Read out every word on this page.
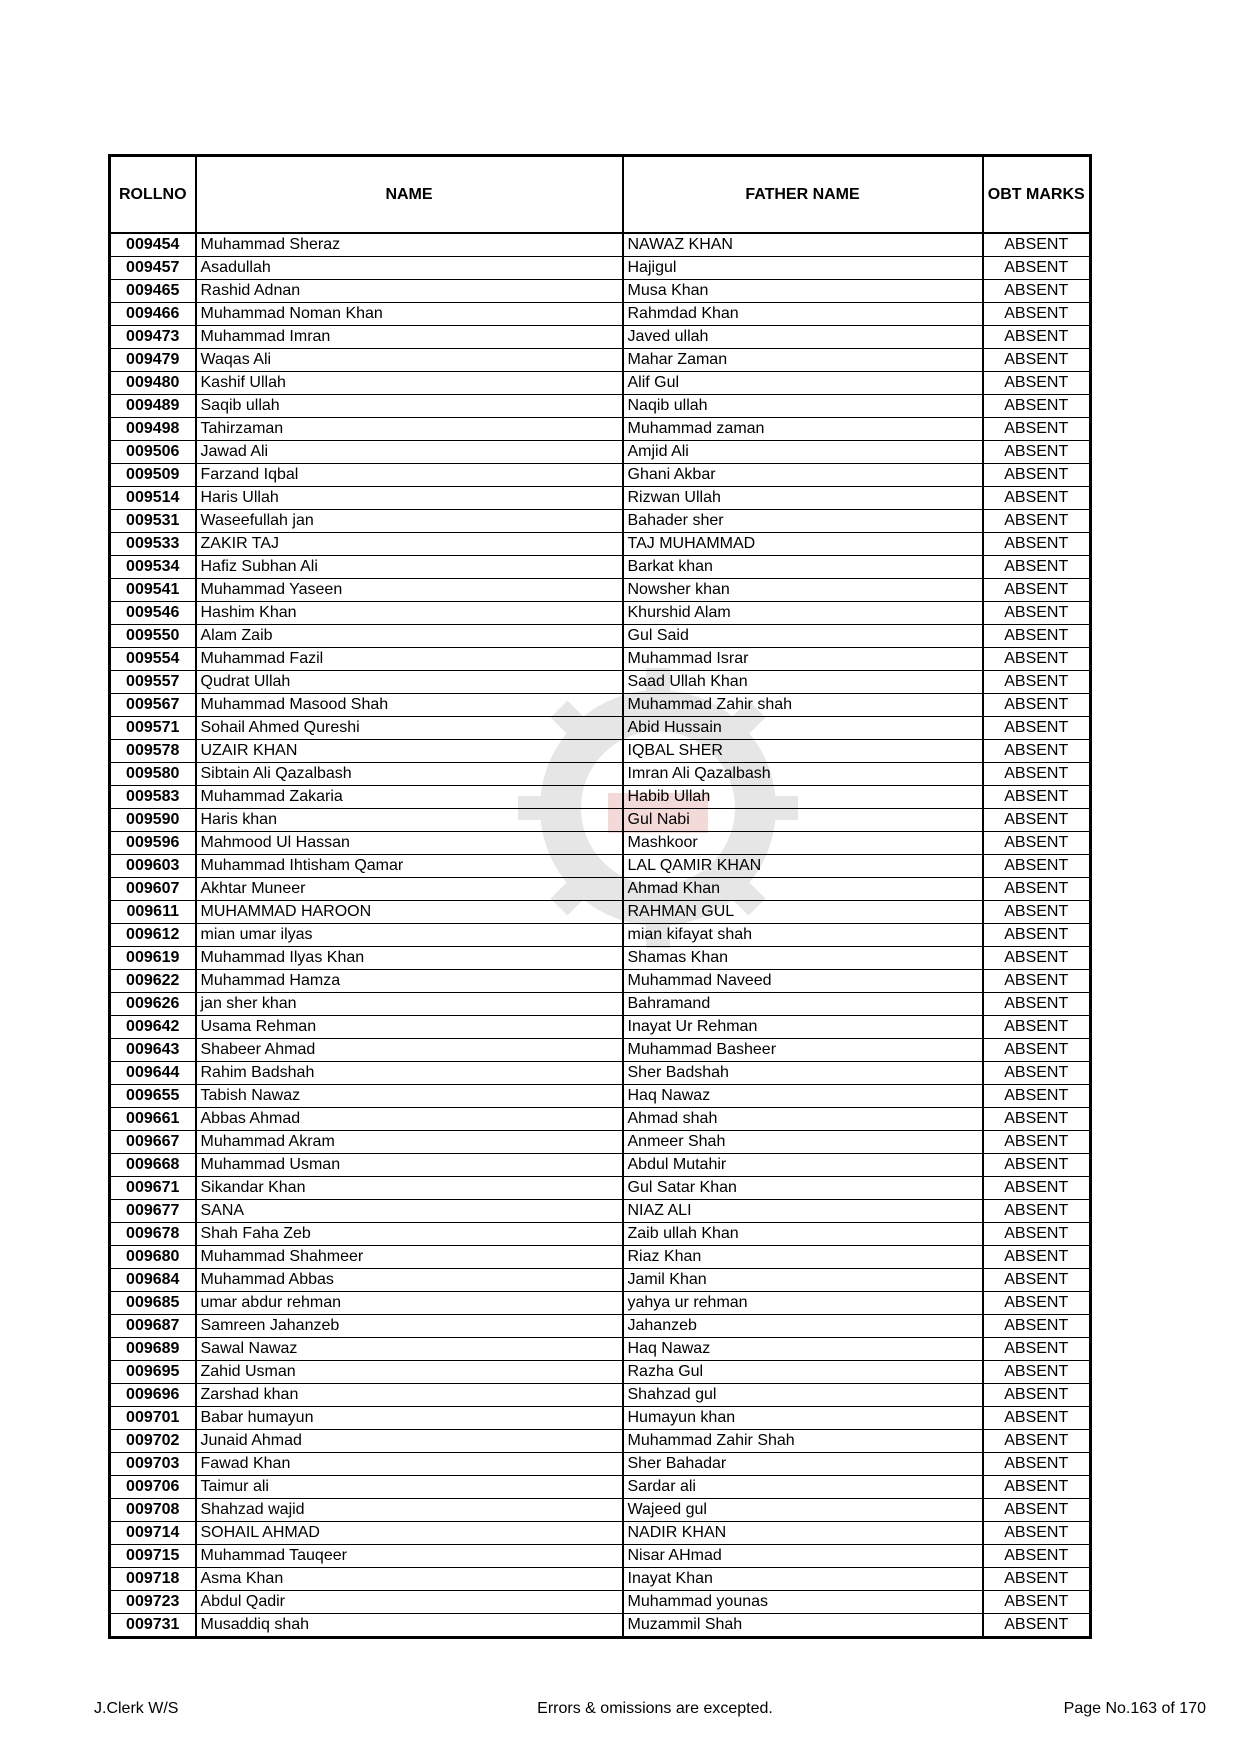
ROLLNO	NAME	FATHER NAME	OBT MARKS
009454	Muhammad Sheraz	NAWAZ KHAN	ABSENT
009457	Asadullah	Hajigul	ABSENT
009465	Rashid Adnan	Musa Khan	ABSENT
009466	Muhammad Noman Khan	Rahmdad Khan	ABSENT
009473	Muhammad Imran	Javed ullah	ABSENT
009479	Waqas Ali	Mahar Zaman	ABSENT
009480	Kashif Ullah	Alif Gul	ABSENT
009489	Saqib ullah	Naqib ullah	ABSENT
009498	Tahirzaman	Muhammad zaman	ABSENT
009506	Jawad Ali	Amjid Ali	ABSENT
009509	Farzand Iqbal	Ghani Akbar	ABSENT
009514	Haris Ullah	Rizwan Ullah	ABSENT
009531	Waseefullah jan	Bahader sher	ABSENT
009533	ZAKIR TAJ	TAJ MUHAMMAD	ABSENT
009534	Hafiz Subhan Ali	Barkat khan	ABSENT
009541	Muhammad Yaseen	Nowsher khan	ABSENT
009546	Hashim Khan	Khurshid Alam	ABSENT
009550	Alam Zaib	Gul Said	ABSENT
009554	Muhammad Fazil	Muhammad Israr	ABSENT
009557	Qudrat Ullah	Saad Ullah Khan	ABSENT
009567	Muhammad Masood Shah	Muhammad Zahir shah	ABSENT
009571	Sohail Ahmed Qureshi	Abid Hussain	ABSENT
009578	UZAIR KHAN	IQBAL SHER	ABSENT
009580	Sibtain Ali Qazalbash	Imran Ali Qazalbash	ABSENT
009583	Muhammad Zakaria	Habib Ullah	ABSENT
009590	Haris khan	Gul Nabi	ABSENT
009596	Mahmood Ul Hassan	Mashkoor	ABSENT
009603	Muhammad Ihtisham Qamar	LAL QAMIR KHAN	ABSENT
009607	Akhtar Muneer	Ahmad Khan	ABSENT
009611	MUHAMMAD HAROON	RAHMAN GUL	ABSENT
009612	mian umar ilyas	mian kifayat shah	ABSENT
009619	Muhammad Ilyas Khan	Shamas Khan	ABSENT
009622	Muhammad Hamza	Muhammad Naveed	ABSENT
009626	jan sher khan	Bahramand	ABSENT
009642	Usama Rehman	Inayat Ur Rehman	ABSENT
009643	Shabeer Ahmad	Muhammad Basheer	ABSENT
009644	Rahim Badshah	Sher Badshah	ABSENT
009655	Tabish Nawaz	Haq Nawaz	ABSENT
009661	Abbas Ahmad	Ahmad shah	ABSENT
009667	Muhammad Akram	Anmeer Shah	ABSENT
009668	Muhammad Usman	Abdul Mutahir	ABSENT
009671	Sikandar Khan	Gul Satar Khan	ABSENT
009677	SANA	NIAZ ALI	ABSENT
009678	Shah Faha Zeb	Zaib ullah Khan	ABSENT
009680	Muhammad Shahmeer	Riaz Khan	ABSENT
009684	Muhammad Abbas	Jamil Khan	ABSENT
009685	umar abdur rehman	yahya ur rehman	ABSENT
009687	Samreen Jahanzeb	Jahanzeb	ABSENT
009689	Sawal Nawaz	Haq Nawaz	ABSENT
009695	Zahid Usman	Razha Gul	ABSENT
009696	Zarshad khan	Shahzad gul	ABSENT
009701	Babar humayun	Humayun khan	ABSENT
009702	Junaid Ahmad	Muhammad Zahir Shah	ABSENT
009703	Fawad Khan	Sher Bahadar	ABSENT
009706	Taimur ali	Sardar ali	ABSENT
009708	Shahzad wajid	Wajeed gul	ABSENT
009714	SOHAIL AHMAD	NADIR KHAN	ABSENT
009715	Muhammad Tauqeer	Nisar AHmad	ABSENT
009718	Asma Khan	Inayat Khan	ABSENT
009723	Abdul Qadir	Muhammad younas	ABSENT
009731	Musaddiq shah	Muzammil Shah	ABSENT
J.Clerk W/S	Errors & omissions are excepted.	Page No.163 of 170
